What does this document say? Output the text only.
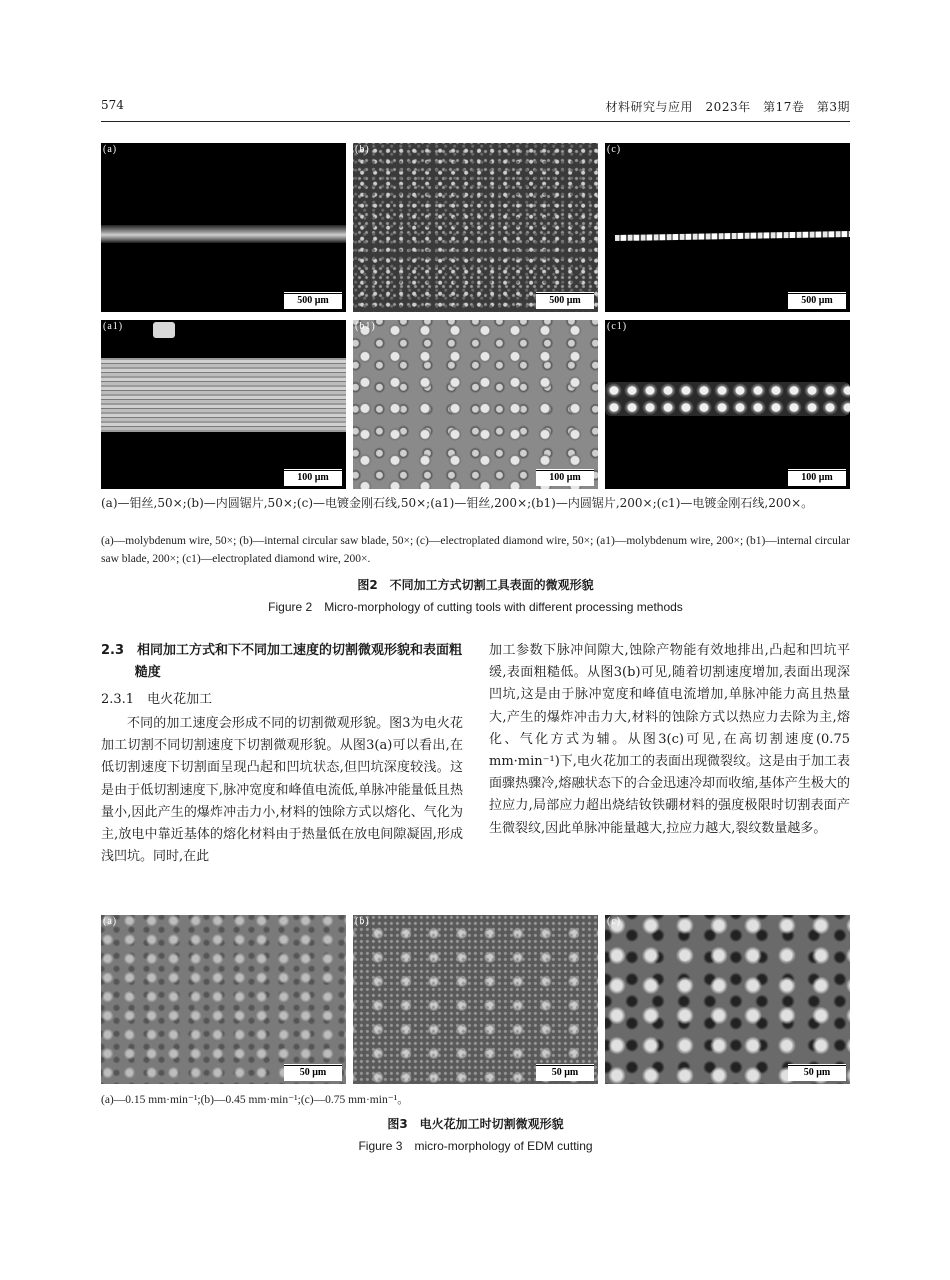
574	材料研究与应用　2023年　第17卷　第3期
(a)
500 μm
(b)
500 μm
(c)
500 μm
(a1)
100 μm
(b1)
100 μm
(c1)
100 μm
(a)—钼丝,50×;(b)—内圆锯片,50×;(c)—电镀金刚石线,50×;(a1)—钼丝,200×;(b1)—内圆锯片,200×;(c1)—电镀金刚石线,200×。
(a)—molybdenum wire, 50×; (b)—internal circular saw blade, 50×; (c)—electroplated diamond wire, 50×; (a1)—molybdenum wire, 200×; (b1)—internal circular saw blade, 200×; (c1)—electroplated diamond wire, 200×.
图2　不同加工方式切割工具表面的微观形貌
Figure 2　Micro-morphology of cutting tools with different processing methods
2.3　相同加工方式和下不同加工速度的切割微观形貌和表面粗糙度
2.3.1　电火花加工
不同的加工速度会形成不同的切割微观形貌。图3为电火花加工切割不同切割速度下切割微观形貌。从图3(a)可以看出,在低切割速度下切割面呈现凸起和凹坑状态,但凹坑深度较浅。这是由于低切割速度下,脉冲宽度和峰值电流低,单脉冲能量低且热量小,因此产生的爆炸冲击力小,材料的蚀除方式以熔化、气化为主,放电中靠近基体的熔化材料由于热量低在放电间隙凝固,形成浅凹坑。同时,在此
加工参数下脉冲间隙大,蚀除产物能有效地排出,凸起和凹坑平缓,表面粗糙低。从图3(b)可见,随着切割速度增加,表面出现深凹坑,这是由于脉冲宽度和峰值电流增加,单脉冲能力高且热量大,产生的爆炸冲击力大,材料的蚀除方式以热应力去除为主,熔化、气化方式为辅。从图3(c)可见,在高切割速度(0.75 mm·min⁻¹)下,电火花加工的表面出现微裂纹。这是由于加工表面骤热骤冷,熔融状态下的合金迅速冷却而收缩,基体产生极大的拉应力,局部应力超出烧结钕铁硼材料的强度极限时切割表面产生微裂纹,因此单脉冲能量越大,拉应力越大,裂纹数量越多。
(a)
50 μm
(b)
50 μm
(c)
50 μm
(a)—0.15 mm·min⁻¹;(b)—0.45 mm·min⁻¹;(c)—0.75 mm·min⁻¹。
图3　电火花加工时切割微观形貌
Figure 3　micro-morphology of EDM cutting
